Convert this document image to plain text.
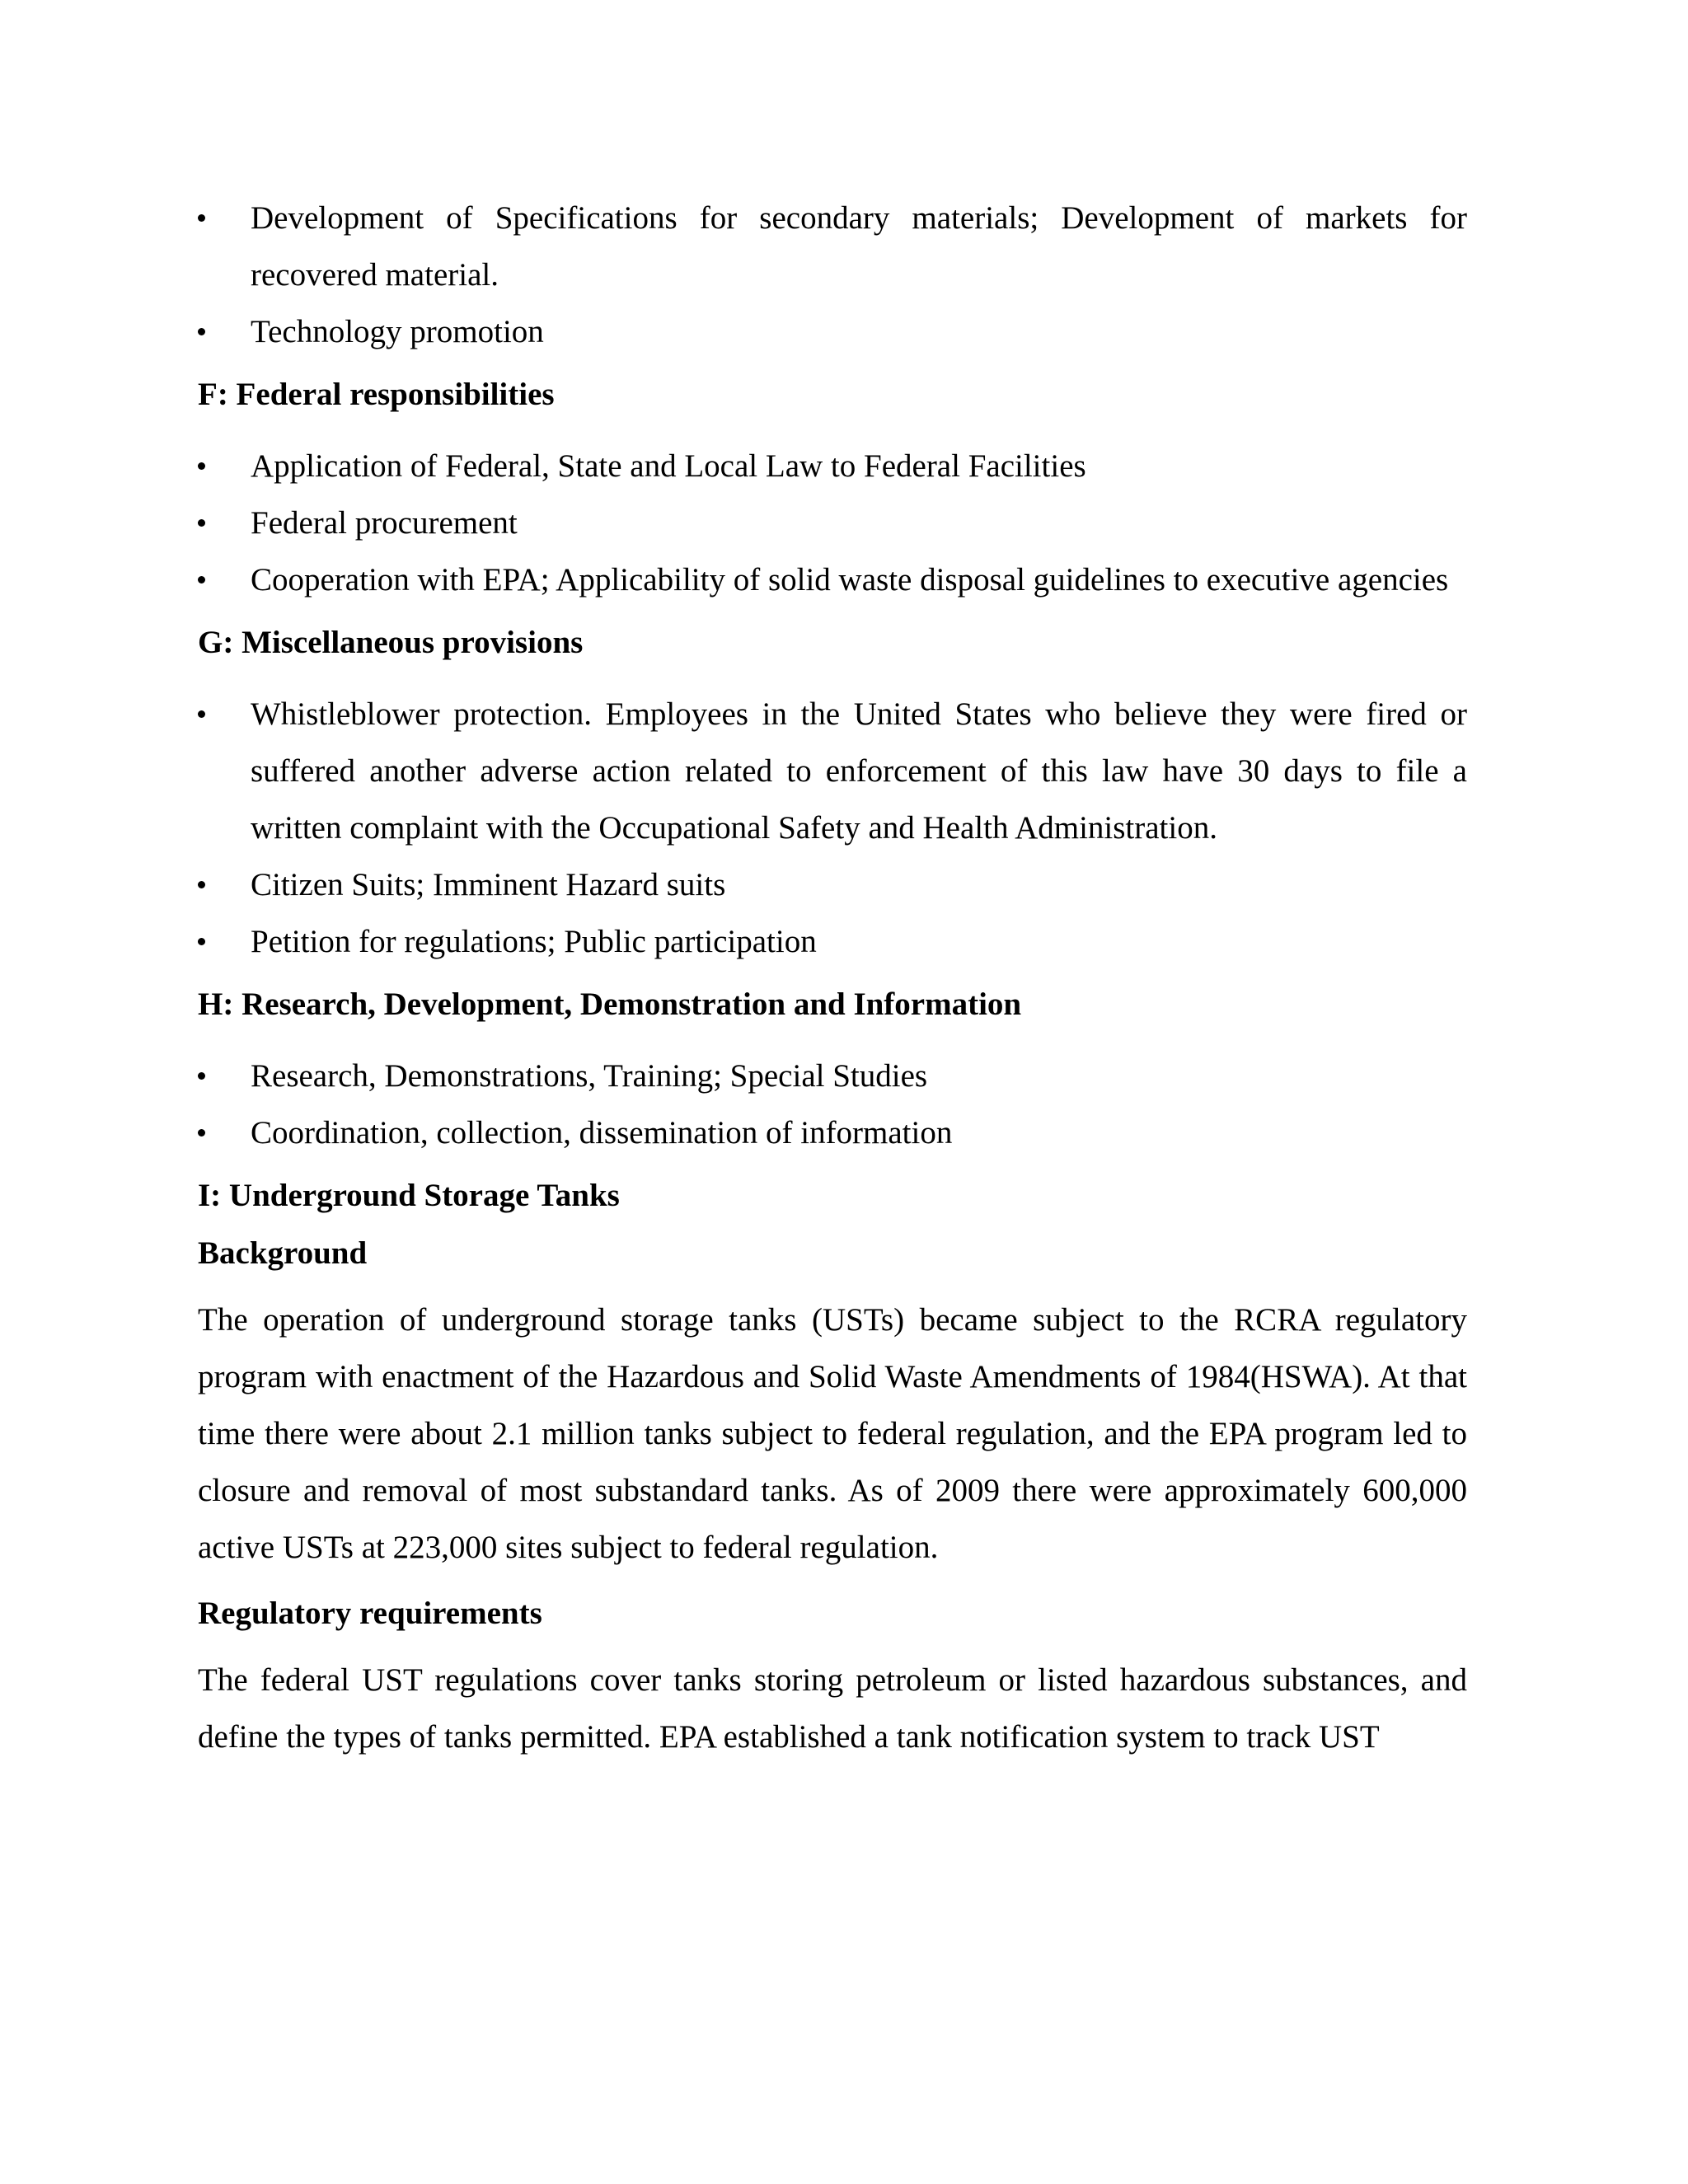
Development of Specifications for secondary materials; Development of markets for recovered material.
Technology promotion

F: Federal responsibilities

Application of Federal, State and Local Law to Federal Facilities
Federal procurement
Cooperation with EPA; Applicability of solid waste disposal guidelines to executive agencies

G: Miscellaneous provisions

Whistleblower protection. Employees in the United States who believe they were fired or suffered another adverse action related to enforcement of this law have 30 days to file a written complaint with the Occupational Safety and Health Administration.
Citizen Suits; Imminent Hazard suits
Petition for regulations; Public participation

H: Research, Development, Demonstration and Information

Research, Demonstrations, Training; Special Studies
Coordination, collection, dissemination of information

I: Underground Storage Tanks

Background

The operation of underground storage tanks (USTs) became subject to the RCRA regulatory program with enactment of the Hazardous and Solid Waste Amendments of 1984(HSWA). At that time there were about 2.1 million tanks subject to federal regulation, and the EPA program led to closure and removal of most substandard tanks. As of 2009 there were approximately 600,000 active USTs at 223,000 sites subject to federal regulation.

Regulatory requirements

The federal UST regulations cover tanks storing petroleum or listed hazardous substances, and define the types of tanks permitted. EPA established a tank notification system to track UST
